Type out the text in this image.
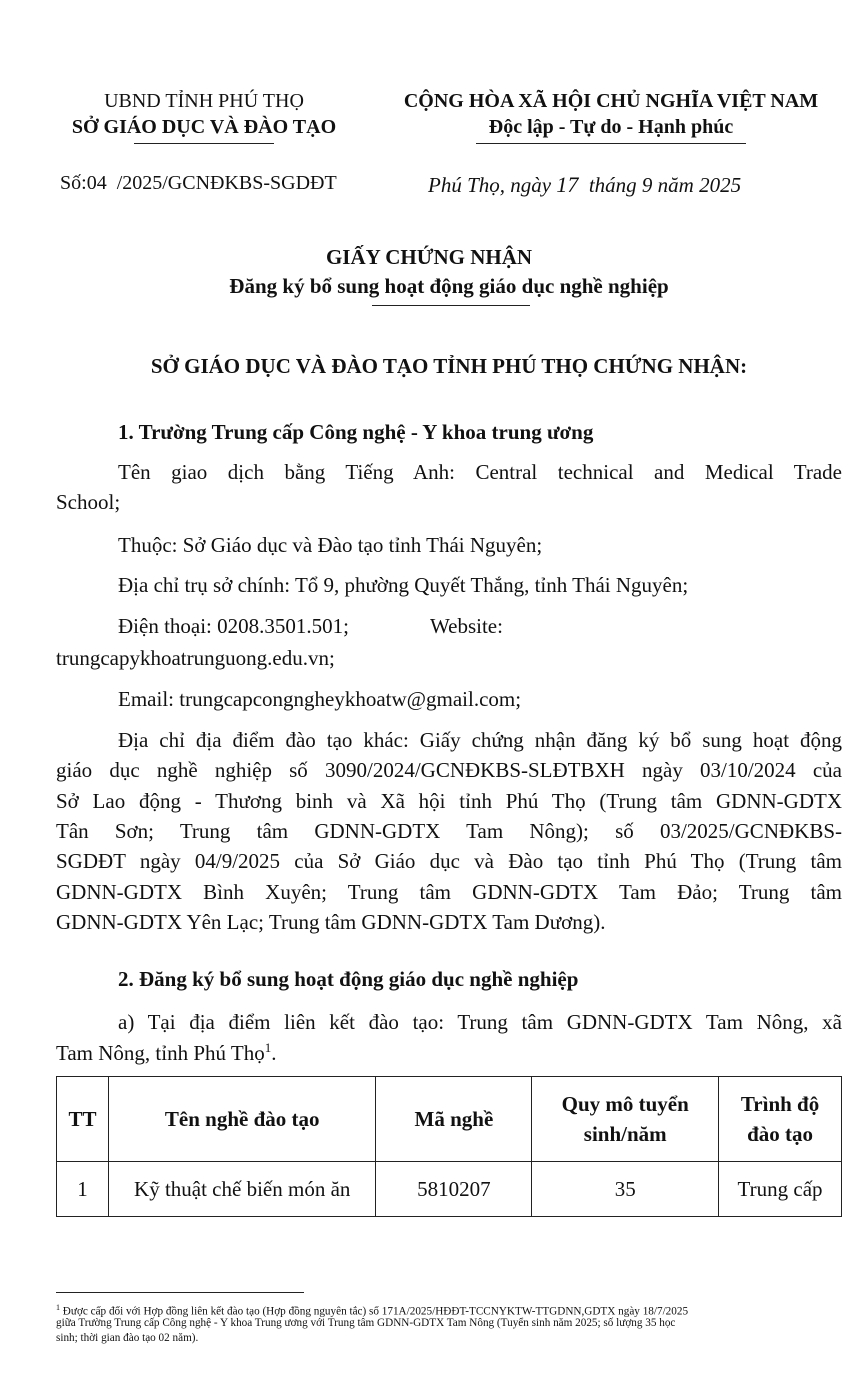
UBND TỈNH PHÚ THỌ
SỞ GIÁO DỤC VÀ ĐÀO TẠO
CỘNG HÒA XÃ HỘI CHỦ NGHĨA VIỆT NAM
Độc lập - Tự do - Hạnh phúc
Số:04 /2025/GCNĐKBS-SGDĐT	Phú Thọ, ngày 17 tháng 9 năm 2025
GIẤY CHỨNG NHẬN
Đăng ký bổ sung hoạt động giáo dục nghề nghiệp
SỞ GIÁO DỤC VÀ ĐÀO TẠO TỈNH PHÚ THỌ CHỨNG NHẬN:
1. Trường Trung cấp Công nghệ - Y khoa trung ương
Tên giao dịch bằng Tiếng Anh: Central technical and Medical Trade
School;
Thuộc: Sở Giáo dục và Đào tạo tỉnh Thái Nguyên;
Địa chỉ trụ sở chính: Tổ 9, phường Quyết Thắng, tỉnh Thái Nguyên;
Điện thoại: 0208.3501.501;	Website:
trungcapykhoatrunguong.edu.vn;
Email: trungcapcongngheykhoatw@gmail.com;
Địa chỉ địa điểm đào tạo khác: Giấy chứng nhận đăng ký bổ sung hoạt động
giáo dục nghề nghiệp số 3090/2024/GCNĐKBS-SLĐTBXH ngày 03/10/2024 của
Sở Lao động - Thương binh và Xã hội tỉnh Phú Thọ (Trung tâm GDNN-GDTX
Tân Sơn; Trung tâm GDNN-GDTX Tam Nông); số 03/2025/GCNĐKBS-
SGDĐT ngày 04/9/2025 của Sở Giáo dục và Đào tạo tỉnh Phú Thọ (Trung tâm
GDNN-GDTX Bình Xuyên; Trung tâm GDNN-GDTX Tam Đảo; Trung tâm
GDNN-GDTX Yên Lạc; Trung tâm GDNN-GDTX Tam Dương).
2. Đăng ký bổ sung hoạt động giáo dục nghề nghiệp
a) Tại địa điểm liên kết đào tạo: Trung tâm GDNN-GDTX Tam Nông, xã
Tam Nông, tỉnh Phú Thọ$^1$.
TT	Tên nghề đào tạo	Mã nghề	Quy mô tuyển sinh/năm	Trình độ đào tạo
1	Kỹ thuật chế biến món ăn	5810207	35	Trung cấp
$^1$ Được cấp đổi với Hợp đồng liên kết đào tạo (Hợp đồng nguyên tắc) số 171A/2025/HĐĐT-TCCNYKTW-TTGDNN,GDTX ngày 18/7/2025
giữa Trường Trung cấp Công nghệ - Y khoa Trung ương với Trung tâm GDNN-GDTX Tam Nông (Tuyển sinh năm 2025; số lượng 35 học
sinh; thời gian đào tạo 02 năm).
